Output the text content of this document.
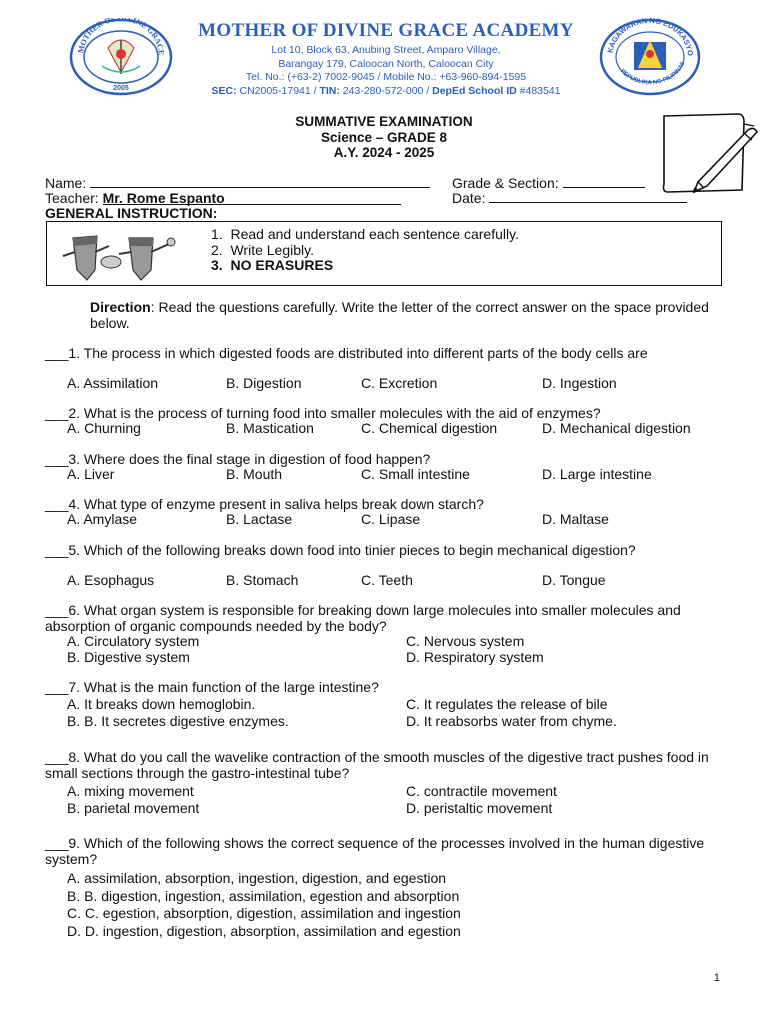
MOTHER OF DIVINE GRACE
2005
MOTHER OF DIVINE GRACE ACADEMY
Lot 10, Block 63, Anubing Street, Amparo Village,
Barangay 179, Caloocan North, Caloocan City
Tel. No.: (+63-2) 7002-9045 / Mobile No.: +63-960-894-1595
SEC: CN2005-17941 / TIN: 243-280-572-000 / DepEd School ID #483541
KAGAWARAN NG EDUKASYO
REPUBLIKA NG PILIPINAS
SUMMATIVE EXAMINATION
Science – GRADE 8
A.Y. 2024 - 2025
Name:	Grade & Section:
Teacher: Mr. Rome Espanto	Date:
GENERAL INSTRUCTION:
1.  Read and understand each sentence carefully.
2.  Write Legibly.
3.  NO ERASURES
Direction: Read the questions carefully. Write the letter of the correct answer on the space provided below.
___1. The process in which digested foods are distributed into different parts of the body cells are
A. Assimilation	B. Digestion	C. Excretion	D. Ingestion
___2. What is the process of turning food into smaller molecules with the aid of enzymes?
A. Churning	B. Mastication	C. Chemical digestion	D. Mechanical digestion
___3. Where does the final stage in digestion of food happen?
A. Liver	B. Mouth	C. Small intestine	D. Large intestine
___4. What type of enzyme present in saliva helps break down starch?
A. Amylase	B. Lactase	C. Lipase	D. Maltase
___5. Which of the following breaks down food into tinier pieces to begin mechanical digestion?
A. Esophagus	B. Stomach	C. Teeth	D. Tongue
___6. What organ system is responsible for breaking down large molecules into smaller molecules and absorption of organic compounds needed by the body?
A. Circulatory system	C. Nervous system
B. Digestive system	D. Respiratory system
___7. What is the main function of the large intestine?
A. It breaks down hemoglobin.	C. It regulates the release of bile
B. B. It secretes digestive enzymes.	D. It reabsorbs water from chyme.
___8. What do you call the wavelike contraction of the smooth muscles of the digestive tract pushes food in small sections through the gastro-intestinal tube?
A. mixing movement	C. contractile movement
B. parietal movement	D. peristaltic movement
___9. Which of the following shows the correct sequence of the processes involved in the human digestive system?
A. assimilation, absorption, ingestion, digestion, and egestion
B. B. digestion, ingestion, assimilation, egestion and absorption
C. C. egestion, absorption, digestion, assimilation and ingestion
D. D. ingestion, digestion, absorption, assimilation and egestion
1
